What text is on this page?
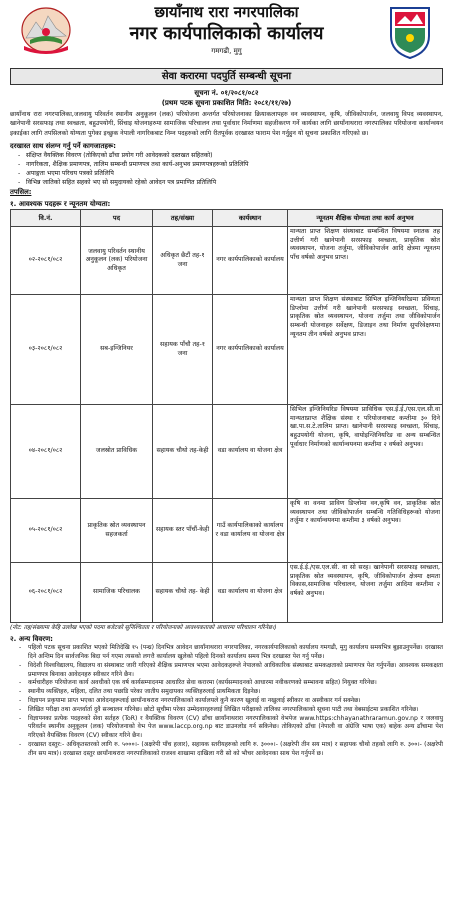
छायाँनाथ रारा नगरपालिका
नगर कार्यपालिकाको कार्यालय
गमगढी, मुगु
सेवा करारमा पदपुर्ति सम्बन्धी सूचना
सूचना नं. ०१/२०८१/०८२
(प्रथम पटक सूचना प्रकाशित मिति: २०८१/११/२७)

छायाँनाथ रारा नगरपालिका,जलवायु परिवर्तन स्थानीय अनुकूलन (लक) परियोजना अन्तर्गत परियोजनाका क्रियाकलापहरु वन व्यवस्थापन, कृषि, जीविकोपार्जन, जलवायु विपद व्यवस्थापन, खानेपानी सरसफाइ तथा स्वच्छता, बहुउपयोगी, सिंचाइ योजनाहरुमा सामाजिक परिचालन तथा पूर्वाधार निर्माणमा सहजीकरण गर्ने कार्यका लागि छायाँनाथरारा नगरपालिका परियोजना कार्यान्वयन इकाईका लागि तपसिलको योग्यता पुगेका इच्छुक नेपाली नागरिकबाट निम्न पदहरुको लागि रीतपूर्वक दरखास्त फाराम पेश गर्नुहुन यो सूचना प्रकाशित गरिएको छ।

दरखास्त साथ संलग्न गर्नु पर्ने कागजातहरू:
- संक्षिप्त वैयक्तिक विवरण (तोकिएको ढाँचा प्रयोग गरी आवेदकको दस्तखत सहितको)
- नागरिकता, शैक्षिक प्रमाणपत्र, तालिम सम्बन्धी प्रमाणपत्र तथा कार्य-अनुभव प्रमाणपत्रहरूको प्रतिलिपि
- अपाङ्गता भएमा परिचय पत्रको प्रतिलिपि
- विभिन्न जातिको सहित सहको भए सो समुदायको रहेको आवेदन पत्र प्रमाणित प्रतिलिपि
तपसिल:
१. आवश्यक पदहरू र न्यूनतम योग्यता:
वि.नं.	पद	तह/संख्या	कार्यस्थान	न्यूनतम शैक्षिक योग्यता तथा कार्य अनुभव
०२-२०८१/०८२	जलवायु परिवर्तन स्थानीय अनुकूलन (लक) परियोजना अधिकृत	अधिकृत छैटौं तह-१ जना	नगर कार्यपालिकाको कार्यालय	मान्यता प्राप्त शिक्षण संस्थाबाट सम्बन्धित विषयमा स्नातक तह उत्तीर्ण गरी खानेपानी सरसफाइ स्वच्छता, प्राकृतिक स्रोत व्यवस्थापन, योजना तर्जुमा, जीविकोपार्जन आदि क्षेत्रमा न्यूनतम पाँच वर्षको अनुभव प्राप्त।
०३-२०८१/०८२	सब-इन्जिनियर	सहायक पाँचौ तह-१ जना	नगर कार्यपालिकाको कार्यालय	मान्यता प्राप्त शिक्षण संस्थाबाट सिभिल इन्जिनियरिङमा प्रविणता डिप्लोमा उत्तीर्ण गरी खानेपानी सरसफाइ स्वच्छता, सिंचाइ, प्राकृतिक स्रोत व्यवस्थापन, योजना तर्जुमा तथा जीविकोपार्जन सम्बन्धी योजनाहरु सर्वेक्षण, डिजाइन तथा निर्माण सुपरिवेक्षणमा न्यूनतम तीन वर्षको अनुभव प्राप्त।
०४-२०८१/०८२	जलस्रोत प्राविधिक	सहायक चौथो तह-केही	वडा कार्यालय वा योजना क्षेत्र	सिभिल इन्जिनियरिङ विषयमा प्राविधिक एस.ई.ई./एस.एल.सी.वा मान्यताप्राप्त शैक्षिक संस्था र परियोजनाबाट कम्तीमा ३० दिने खा.पा.स.टे.तालिम प्राप्त। खानेपानी सरसफाइ स्वच्छता, सिंचाइ, बहुउपयोगी योजना, कृषि, वायोइन्जिनियरिङ वा अन्य सम्बन्धित पूर्वाधार निर्माणको कार्यान्वयनमा कम्तीमा २ वर्षको अनुभव।
०५-२०८१/०८२	प्राकृतिक स्रोत व्यवस्थापन सहजकर्ता	सहायक स्तर पाँचौं-केही	गाउँ कार्यपालिकाको कार्यालय र वडा कार्यालय वा योजना क्षेत्र	कृषि वा वनमा प्राविण डिप्लोमा वन,कृषि वन, प्राकृतिक स्रोत व्यवस्थापन तथा जीविकोपार्जन सम्बन्धि गतिविधिहरूको योजना तर्जुमा र कार्यान्वयनमा कम्तीमा ३ वर्षको अनुभव।
०६-२०८१/०८२	सामाजिक परिचालक	सहायक चौथो तह- केही	वडा कार्यालय वा योजना क्षेत्र	एस.ई.ई./एस.एल.सी. वा सो सरह। खानेपानी सरसफाइ स्वच्छता, प्राकृतिक स्रोत व्यवस्थापन, कृषि, जीविकोपार्जन क्षेत्रमा क्षमता विकास,सामाजिक परिचालन, योजना तर्जुमा आदिमा कम्तीमा २ वर्षको अनुभव।
(नोट: तह/संख्यामा केहि उल्लेख भएको पदमा बजेटको सुनिश्चितता र परियोजनाको आवश्यकताको आधारमा परिचालन गरिनेछ।)
२. अन्य विवरण:
- पहिलो पटक सूचना प्रकाशित भएको मितिदेखि १५ (पन्ध्र) दिनभित्र आवेदन छायाँनाथरारा नगरपालिका, नगरकार्यपालिकाको कार्यालय गमगढी, मुगु कार्यालय समयभित्र बुझाउनुपर्नेछ। दरखास्त दिने अन्तिम दिन सार्वजनिक बिदा पर्न गएमा त्यसको लगत्तै कार्यालय खुलेको पहिलो दिनको कार्यालय समय भित्र दरखास्त पेश गर्नु पर्नेछ।
- विदेशी विश्वविद्यालय, विद्यालय वा संस्थाबाट जारी गरिएको शैक्षिक प्रमाणपत्र भएमा आवेदकहरूले नेपालको आधिकारिक संस्थाबाट समकक्षताको प्रमाणपत्र पेश गर्नुपर्नेछ। आवश्यक समकक्षता प्रमाणपत्र बिनाका आवेदनहरु स्वीकार गरिने छैन।
- कर्मचारीहरु परियोजना कार्य अवधीको एक वर्ष कार्यसम्पादनमा आधारित सेवा करारमा (कार्यसम्पादनको आधारमा नवीकरणको सम्भावना सहित) नियुक्त गरिनेछ।
- स्थानीय व्यक्तिहरु, महिला, दलित तथा पछाडि परेका जातीय समुदायका व्यक्तिहरुलाई प्राथमिकता दिइनेछ।
- विज्ञापन प्रकृयामा प्राप्त भएका आवेदनहरूलाई छायाँनाथरारा नगरपालिकाको कार्यालयले कुनै कारण खुलाई वा नखुलाई स्वीकार वा अस्वीकार गर्न सक्नेछ।
- लिखित परीक्षा तथा अन्तर्वार्ता दुवै सञ्चालन गरिनेछ। छोटो सूचीमा परेका उम्मेदवारहरुलाई लिखित परीक्षाको तालिका नगरपालिकाको सूचना पाटी तथा वेबसाईटमा प्रकाशित गरिनेछ।
- विज्ञापनका प्रत्येक पदहरुको सेवा सर्तहरु (ToR) र वैयक्तिक विवरण (CV) ढाँचा छायाँनाथरारा नगरपालिकाको वेभपेज www.https:chhayanathraramun.gov.np र जलवायु परिवर्तन स्थानीय अनुकूलन (लक) परियोजनाको वेभ पेज www.laccp.org.np बाट डाउनलोड गर्न सकिनेछ। तोकिएको ढाँचा (नेपाली वा अंग्रेजि भाषा एक) बाहेक अन्य ढाँचामा पेश गरिएको वैयक्तिक विवरण (CV) स्वीकार गरिने छैन।
- दरखास्त दस्तुर:- अधिकृतस्तरको लागि रु. ५०००।- (अक्षरेपी पाँच हजार), सहायक स्तरीयहरुको लागि रु. ३०००।- (अक्षरेपी तीन सय मात्र) र सहायक चौथो तहको लागि रु. ३००।- (अक्षरेपी तीन सय मात्र)। दरखास्त दस्तुर छायाँनाथरारा नगरपालिकाको राजश्व शाखामा दाखिला गरी सो को भौचर आवेदनका साथ पेश गर्नुपर्ने छ।
